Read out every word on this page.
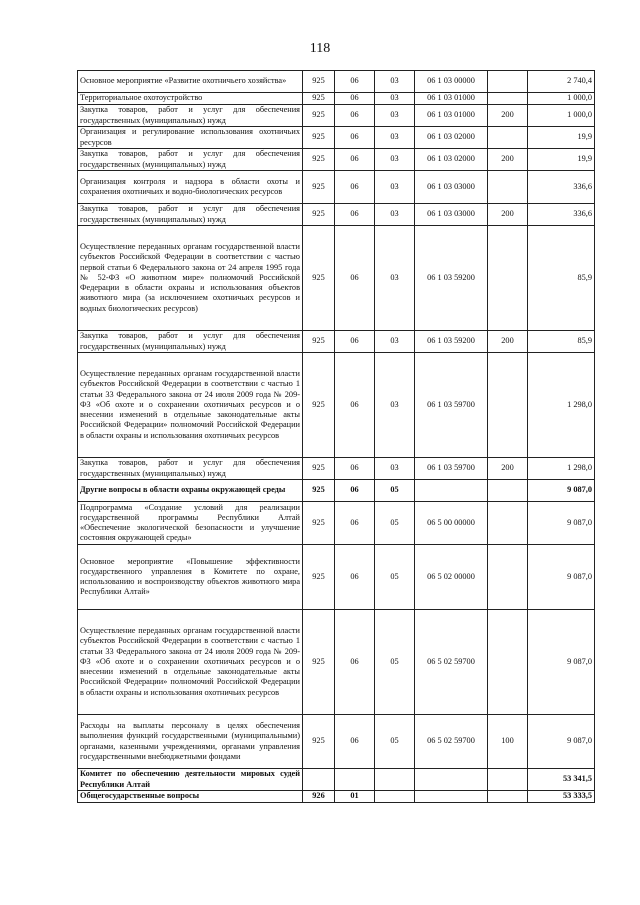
118
Основное мероприятие «Развитие охотничьего хозяйства»	925	06	03	06 1 03 00000		2 740,4
Территориальное охотоустройство	925	06	03	06 1 03 01000		1 000,0
Закупка товаров, работ и услуг для обеспечения государственных (муниципальных) нужд	925	06	03	06 1 03 01000	200	1 000,0
Организация и регулирование использования охотничьих ресурсов	925	06	03	06 1 03 02000		19,9
Закупка товаров, работ и услуг для обеспечения государственных (муниципальных) нужд	925	06	03	06 1 03 02000	200	19,9
Организация контроля и надзора в области охоты и сохранения охотничьих и водно-биологических ресурсов	925	06	03	06 1 03 03000		336,6
Закупка товаров, работ и услуг для обеспечения государственных (муниципальных) нужд	925	06	03	06 1 03 03000	200	336,6
Осуществление переданных органам государственной власти субъектов Российской Федерации в соответствии с частью первой статьи 6 Федерального закона от 24 апреля 1995 года № 52-ФЗ «О животном мире» полномочий Российской Федерации в области охраны и использования объектов животного мира (за исключением охотничьих ресурсов и водных биологических ресурсов)	925	06	03	06 1 03 59200		85,9
Закупка товаров, работ и услуг для обеспечения государственных (муниципальных) нужд	925	06	03	06 1 03 59200	200	85,9
Осуществление переданных органам государственной власти субъектов Российской Федерации в соответствии с частью 1 статьи 33 Федерального закона от 24 июля 2009 года № 209-ФЗ «Об охоте и о сохранении охотничьих ресурсов и о внесении изменений в отдельные законодательные акты Российской Федерации» полномочий Российской Федерации в области охраны и использования охотничьих ресурсов	925	06	03	06 1 03 59700		1 298,0
Закупка товаров, работ и услуг для обеспечения государственных (муниципальных) нужд	925	06	03	06 1 03 59700	200	1 298,0
Другие вопросы в области охраны окружающей среды	925	06	05			9 087,0
Подпрограмма «Создание условий для реализации государственной программы Республики Алтай «Обеспечение экологической безопасности и улучшение состояния окружающей среды»	925	06	05	06 5 00 00000		9 087,0
Основное мероприятие «Повышение эффективности государственного управления в Комитете по охране, использованию и воспроизводству объектов животного мира Республики Алтай»	925	06	05	06 5 02 00000		9 087,0
Осуществление переданных органам государственной власти субъектов Российской Федерации в соответствии с частью 1 статьи 33 Федерального закона от 24 июля 2009 года № 209-ФЗ «Об охоте и о сохранении охотничьих ресурсов и о внесении изменений в отдельные законодательные акты Российской Федерации» полномочий Российской Федерации в области охраны и использования охотничьих ресурсов	925	06	05	06 5 02 59700		9 087,0
Расходы на выплаты персоналу в целях обеспечения выполнения функций государственными (муниципальными) органами, казенными учреждениями, органами управления государственными внебюджетными фондами	925	06	05	06 5 02 59700	100	9 087,0
Комитет по обеспечению деятельности мировых судей Республики Алтай						53 341,5
Общегосударственные вопросы	926	01				53 333,5
